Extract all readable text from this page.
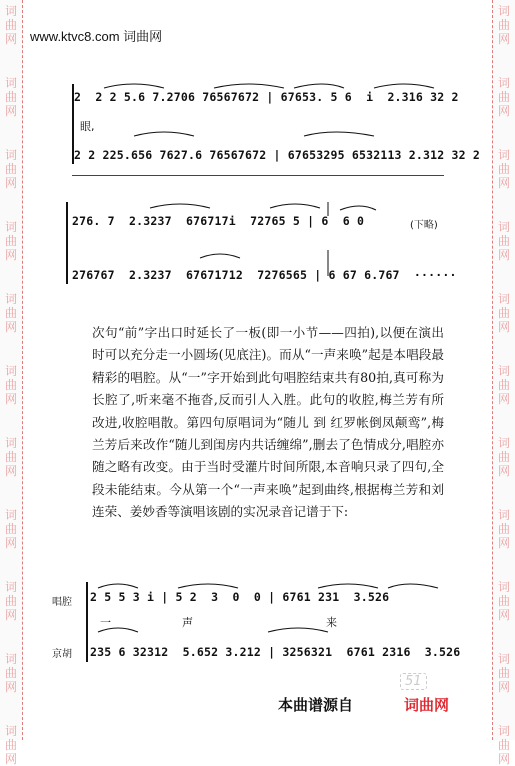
www.ktvc8.com 词曲网
2  2 2 5.6 7.2706 76567672 | 67653. 5 6  i  2.316 32 2
眼,
2 2 225.656 7627.6 76567672 | 67653295 6532113 2.312 32 2
276. 7  2.3237  676717i  72765 5 | 6  6 0	(下略)
276767  2.3237  67671712  7276565 | 6 67 6.767  ······

次句“前”字出口时延长了一板(即一小节——四拍),以便在演出时可以充分走一小圆场(见底注)。而从“一声来唤”起是本唱段最精彩的唱腔。从“一”字开始到此句唱腔结束共有80拍,真可称为长腔了,听来毫不拖沓,反而引人入胜。此句的收腔,梅兰芳有所改进,收腔唱散。第四句原唱词为“随儿 到 红罗帐倒凤颠鸾”,梅兰芳后来改作“随儿到闺房内共话缠绵”,删去了色情成分,唱腔亦随之略有改变。由于当时受灌片时间所限,本音响只录了四句,全段未能结束。今从第一个“一声来唤”起到曲终,根据梅兰芳和刘连荣、姜妙香等演唱该剧的实况录音记谱于下:

唱腔
京胡
2 5 5 3 i | 5 2  3  0  0 | 6761 231  3.526
一	声	来
235 6 32312  5.652 3.212 | 3256321  6761 2316  3.526
51
本曲谱源自	词曲网
词
曲
网
词
曲
网
词
曲
网
词
曲
网
词
曲
网
词
曲
网
词
曲
网
词
曲
网
词
曲
网
词
曲
网
词
曲
网
词
曲
网
词
曲
网
词
曲
网
词
曲
网
词
曲
网
词
曲
网
词
曲
网
词
曲
网
词
曲
网
词
曲
网
词
曲
网
